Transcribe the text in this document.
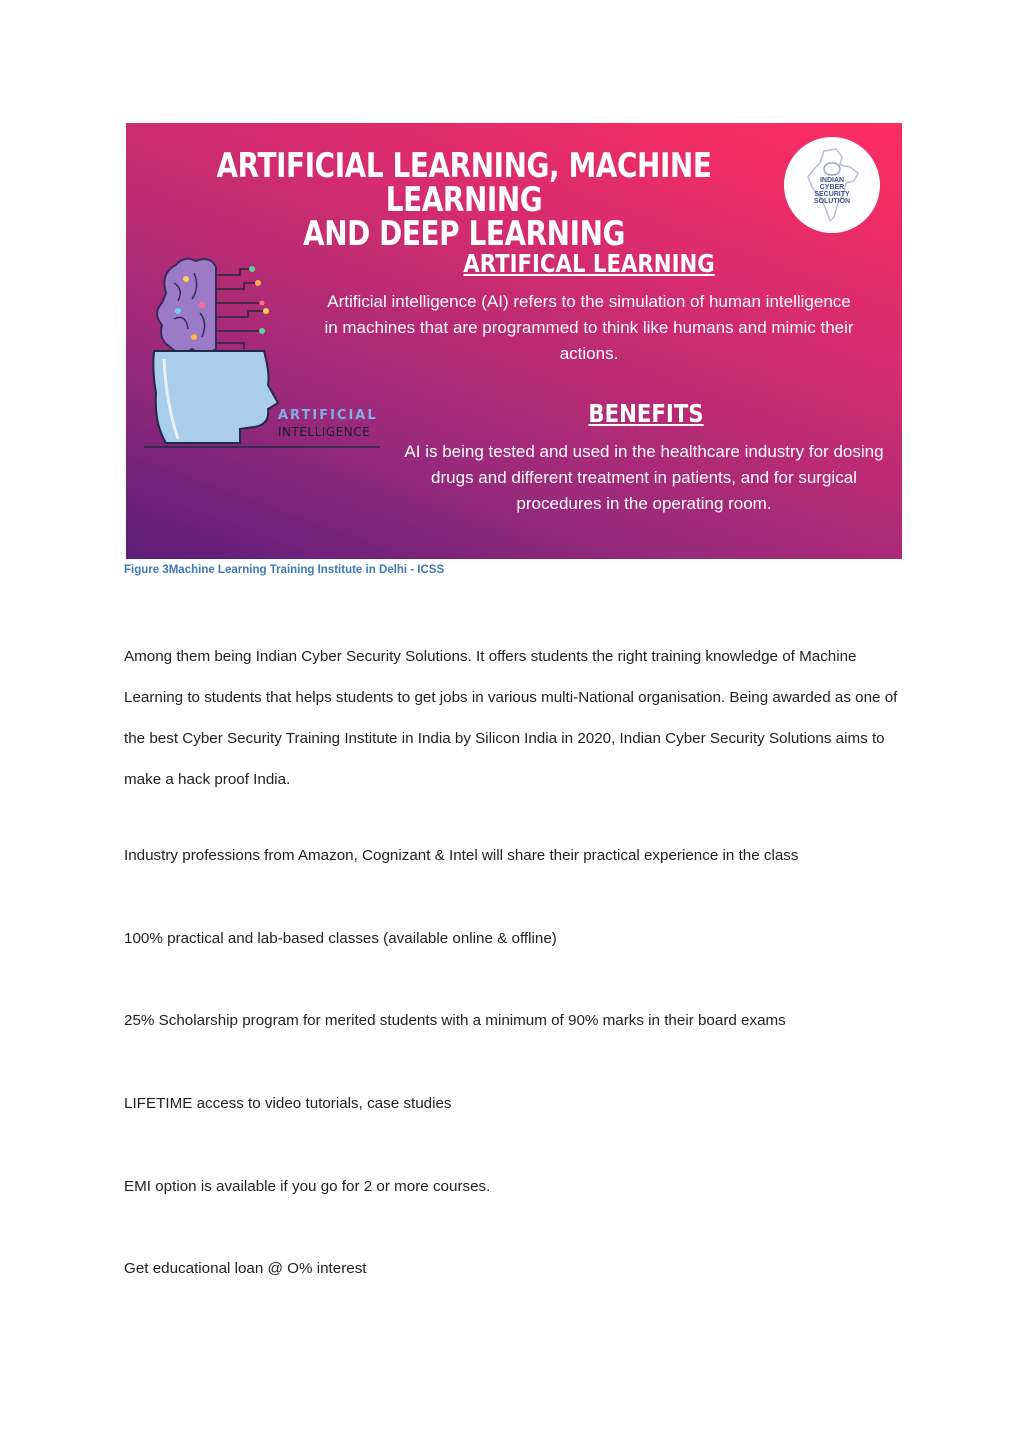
ARTIFICIAL LEARNING, MACHINE LEARNING
AND DEEP LEARNING
INDIAN
CYBER
SECURITY
SOLUTION
ARTIFICIAL
INTELLIGENCE
ARTIFICAL LEARNING
Artificial intelligence (AI) refers to the simulation of human intelligence in machines that are programmed to think like humans and mimic their actions.
BENEFITS
AI is being tested and used in the healthcare industry for dosing drugs and different treatment in patients, and for surgical procedures in the operating room.
Figure 3Machine Learning Training Institute in Delhi - ICSS
Among them being Indian Cyber Security Solutions. It offers students the right training knowledge of Machine Learning to students that helps students to get jobs in various multi-National organisation. Being awarded as one of the best Cyber Security Training Institute in India by Silicon India in 2020, Indian Cyber Security Solutions aims to make a hack proof India.
Industry professions from Amazon, Cognizant & Intel will share their practical experience in the class
100% practical and lab-based classes (available online & offline)
25% Scholarship program for merited students with a minimum of 90% marks in their board exams
LIFETIME access to video tutorials, case studies
EMI option is available if you go for 2 or more courses.
Get educational loan @ O% interest
